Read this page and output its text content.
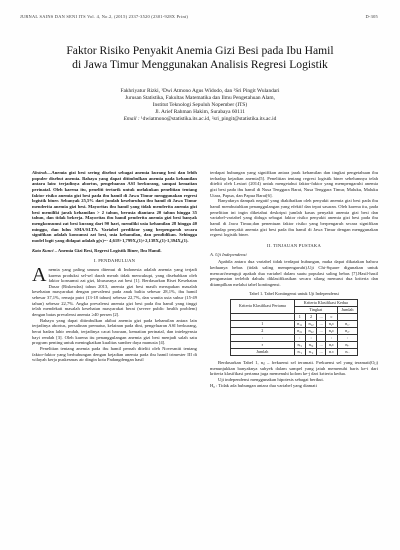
JURNAL SAINS DAN SENI ITS Vol. 4, No.2, (2015) 2337-3520 (2301-928X Print)	D-305
Faktor Risiko Penyakit Anemia Gizi Besi pada Ibu Hamil
di Jawa Timur Menggunakan Analisis Regresi Logistik
Fakhriyatur Rizki, ¹Dwi Atmono Agus Widodo, dan ²Sri Pingit Wulandari
Jurusan Statistika, Fakultas Matematika dan Ilmu Pengetahuan Alam,
Institut Teknologi Sepuluh Nopember (ITS)
Jl. Arief Rahman Hakim, Surabaya 60111
Email : ¹dwiatmono@statistika.its.ac.id, ²sri_pingit@statistika.its.ac.id
Abstrak—Anemia gizi besi sering disebut sebagai anemia kurang besi dan lebih populer disebut anemia. Bahaya yang dapat ditimbulkan anemia pada kehamilan antara lain: terjadinya abortus, pengeluaran ASI berkurang, sampai kematian perinatal. Oleh karena itu, peneliti tertarik untuk melakukan penelitian tentang faktor risiko anemia gizi besi pada ibu hamil di Jawa Timur menggunakan regresi logistik biner. Sebanyak 25,5% dari jumlah keseluruhan ibu hamil di Jawa Timur menderita anemia gizi besi. Mayoritas ibu hamil yang tidak menderita anemia gizi besi memiliki jarak kehamilan > 2 tahun, berusia diantara 20 tahun hingga 35 tahun, dan tidak bekerja. Mayoritas ibu hamil penderita anemia gizi besi banyak mengkonsumsi zat besi kurang dari 90 hari, memiliki usia kehamilan 28 hingga 40 minggu, dan lulus SMA/SLTA. Variabel prediktor yang berpengaruh secara signifikan adalah konsumsi zat besi, usia kehamilan, dan pendidikan. Sehingga model logit yang didapat adalah g(x)=- 4,618+1,799X₁(1)+2,138X₂(1)-1,394X₄(1).
Kata Kunci – Anemia Gizi Besi, Regresi Logistik Biner, Ibu Hamil.
I. PENDAHULUAN
A nemia yang paling umum ditemui di Indonesia adalah anemia yang terjadi karena produksi sel-sel darah merah tidak mencukupi, yang disebabkan oleh faktor konsumsi zat gizi, khususnya zat besi [1]. Berdasarkan Riset Kesehatan Dasar (Riskesdas) tahun 2013, anemia gizi besi masih merupakan masalah kesehatan masyarakat dengan prevalensi pada anak balita sebesar 28,1%, ibu hamil sebesar 37,1%, remaja putri (13-18 tahun) sebesar 22,7%, dan wanita usia subur (15-49 tahun) sebesar 22,7%. Angka prevalensi anemia gizi besi pada ibu hamil yang tinggi telah mendekati masalah kesehatan masyarakat berat (severe public health problem) dengan batas prevalensi anemia ≥40 persen [2].

Bahaya yang dapat ditimbulkan akibat anemia gizi pada kehamilan antara lain terjadinya abortus, persalinan prematur, kelainan pada dini, pengeluaran ASI berkurang, berat badan lahir rendah, terjadinya cacat bawaan, kematian perinatal, dan intelegensia bayi rendah [3]. Oleh karena itu penanggulangan anemia gizi besi menjadi salah satu program penting untuk meningkatkan kualitas sumber daya manusia [4].

Penelitian tentang anemia pada ibu hamil pernah diteliti oleh Novesmiti tentang faktor-faktor yang berhubungan dengan kejadian anemia pada ibu hamil trimester III di wilayah kerja puskesmas air dingin kota Padangdengan hasil

terdapat hubungan yang signifikan antara jarak kehamilan dan tingkat pengetahuan ibu terhadap kejadian anemia[5]. Penelitian tentang regresi logistik biner sebelumnya telah diteliti oleh Lestari (2014) untuk mengetahui faktor-faktor yang mempengaruhi anemia gizi besi pada ibu hamil di Nusa Tenggara Barat, Nusa Tenggara Timur, Maluku, Maluku Utara, Papua, dan Papua Barat[6].

Banyaknya dampak negatif yang diakibatkan oleh penyakit anemia gizi besi pada ibu hamil membutuhkan penanggulangan yang efektif dan tepat sasaran. Oleh karena itu, pada penelitian ini ingin diketahui deskripsi jumlah kasus penyakit anemia gizi besi dan variabel-variabel yang diduga sebagai faktor risiko penyakit anemia gizi besi pada ibu hamil di Jawa Timur,dan penentuan faktor risiko yang berpengaruh secara signifikan terhadap penyakit anemia gizi besi pada ibu hamil di Jawa Timur dengan menggunakan regresi logistik biner.

II. TINJAUAN PUSTAKA
A. Uji Independensi

Apabila antara dua variabel tidak terdapat hubungan, maka dapat dikatakan bahwa keduanya bebas (tidak saling mempengaruhi).Uji Chi-Square digunakan untuk mencari/menguji apakah dua variabel dalam suatu populasi saling bebas [7].Hasil-hasil pengamatan terlebih dahulu diklasifikasikan secara silang menurut dua kriteria dan ditampilkan melalui tabel kontingensi.

Tabel 1. Tabel Kontingensi untuk Uji Independensi
Kriteria Klasifikasi Pertama	Kriteria Klasifikasi Kedua				
	Tingkat				Jumlah
	1	2	...	c	
1	n₁₁	n₁₂	...	n₁c	n₁.
2	n₂₁	n₂₂	...	n₂c	n₂.
:	:	:		:	:
r	nᵣ₁	nᵣ₂	...	nᵣc	nᵣ.
Jumlah	n.₁	n.₂	...	n.c	n..

Berdasarkan Tabel 1, nᵢⱼ – frekuensi sel teramati. Frekuensi sel yang teramati(Oᵢⱼ) menunjukkan banyaknya subyek dalam sampel yang jatuh memenuhi baris ke-i dari kriteria klasifikasi pertama juga memenuhi kolom ke-j dari kriteria kedua.

Uji independensi menggunakan hipotesis sebagai berikut.
H₀ : Tidak ada hubungan antara dua variabel yang diamati
